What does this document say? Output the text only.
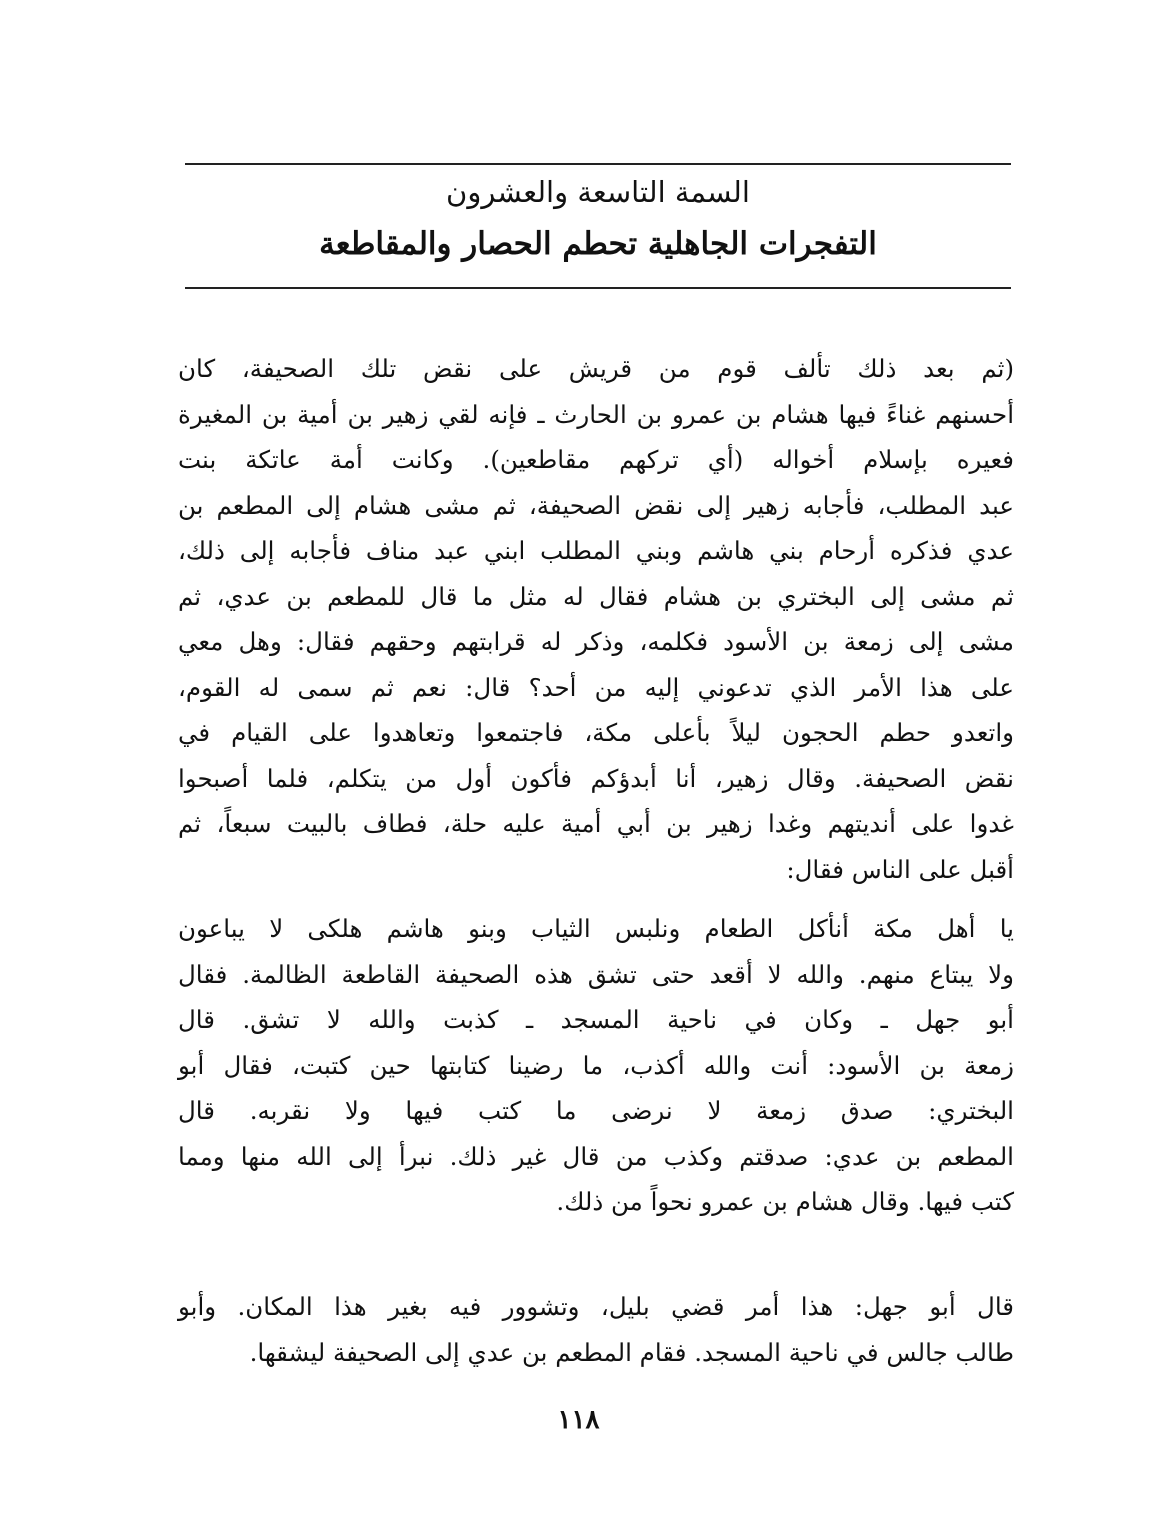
السمة التاسعة والعشرون
التفجرات الجاهلية تحطم الحصار والمقاطعة
(ثم بعد ذلك تألف قوم من قريش على نقض تلك الصحيفة، كان
أحسنهم غناءً فيها هشام بن عمرو بن الحارث ـ فإنه لقي زهير بن أمية بن المغيرة
فعيره بإسلام أخواله (أي تركهم مقاطعين). وكانت أمة عاتكة بنت
عبد المطلب، فأجابه زهير إلى نقض الصحيفة، ثم مشى هشام إلى المطعم بن
عدي فذكره أرحام بني هاشم وبني المطلب ابني عبد مناف فأجابه إلى ذلك،
ثم مشى إلى البختري بن هشام فقال له مثل ما قال للمطعم بن عدي، ثم
مشى إلى زمعة بن الأسود فكلمه، وذكر له قرابتهم وحقهم فقال: وهل معي
على هذا الأمر الذي تدعوني إليه من أحد؟ قال: نعم ثم سمى له القوم،
واتعدو حطم الحجون ليلاً بأعلى مكة، فاجتمعوا وتعاهدوا على القيام في
نقض الصحيفة. وقال زهير، أنا أبدؤكم فأكون أول من يتكلم، فلما أصبحوا
غدوا على أنديتهم وغدا زهير بن أبي أمية عليه حلة، فطاف بالبيت سبعاً، ثم
أقبل على الناس فقال:
يا أهل مكة أنأكل الطعام ونلبس الثياب وبنو هاشم هلكى لا يباعون
ولا يبتاع منهم. والله لا أقعد حتى تشق هذه الصحيفة القاطعة الظالمة. فقال
أبو جهل ـ وكان في ناحية المسجد ـ كذبت والله لا تشق. قال
زمعة بن الأسود: أنت والله أكذب، ما رضينا كتابتها حين كتبت، فقال أبو
البختري: صدق زمعة لا نرضى ما كتب فيها ولا نقربه. قال
المطعم بن عدي: صدقتم وكذب من قال غير ذلك. نبرأ إلى الله منها ومما
كتب فيها. وقال هشام بن عمرو نحواً من ذلك.
قال أبو جهل: هذا أمر قضي بليل، وتشوور فيه بغير هذا المكان. وأبو
طالب جالس في ناحية المسجد. فقام المطعم بن عدي إلى الصحيفة ليشقها.
١١٨
